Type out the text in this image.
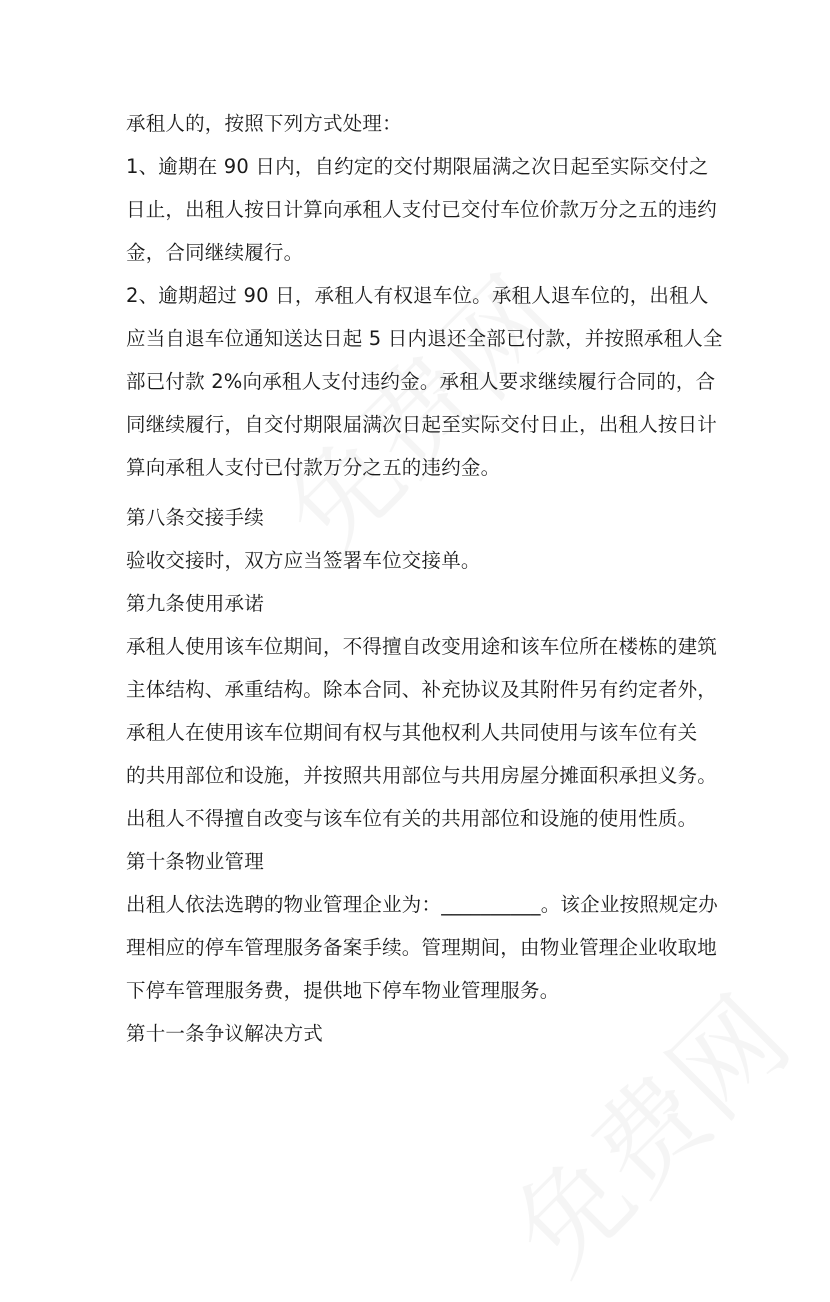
承租人的，按照下列方式处理：
1、逾期在 90 日内，自约定的交付期限届满之次日起至实际交付之
日止，出租人按日计算向承租人支付已交付车位价款万分之五的违约
金，合同继续履行。
2、逾期超过 90 日，承租人有权退车位。承租人退车位的，出租人
应当自退车位通知送达日起 5 日内退还全部已付款，并按照承租人全
部已付款 2%向承租人支付违约金。承租人要求继续履行合同的，合
同继续履行，自交付期限届满次日起至实际交付日止，出租人按日计
算向承租人支付已付款万分之五的违约金。
第八条交接手续
验收交接时，双方应当签署车位交接单。
第九条使用承诺
承租人使用该车位期间，不得擅自改变用途和该车位所在楼栋的建筑
主体结构、承重结构。除本合同、补充协议及其附件另有约定者外，
承租人在使用该车位期间有权与其他权利人共同使用与该车位有关
的共用部位和设施，并按照共用部位与共用房屋分摊面积承担义务。
出租人不得擅自改变与该车位有关的共用部位和设施的使用性质。
第十条物业管理
出租人依法选聘的物业管理企业为：__________。该企业按照规定办
理相应的停车管理服务备案手续。管理期间，由物业管理企业收取地
下停车管理服务费，提供地下停车物业管理服务。
第十一条争议解决方式
